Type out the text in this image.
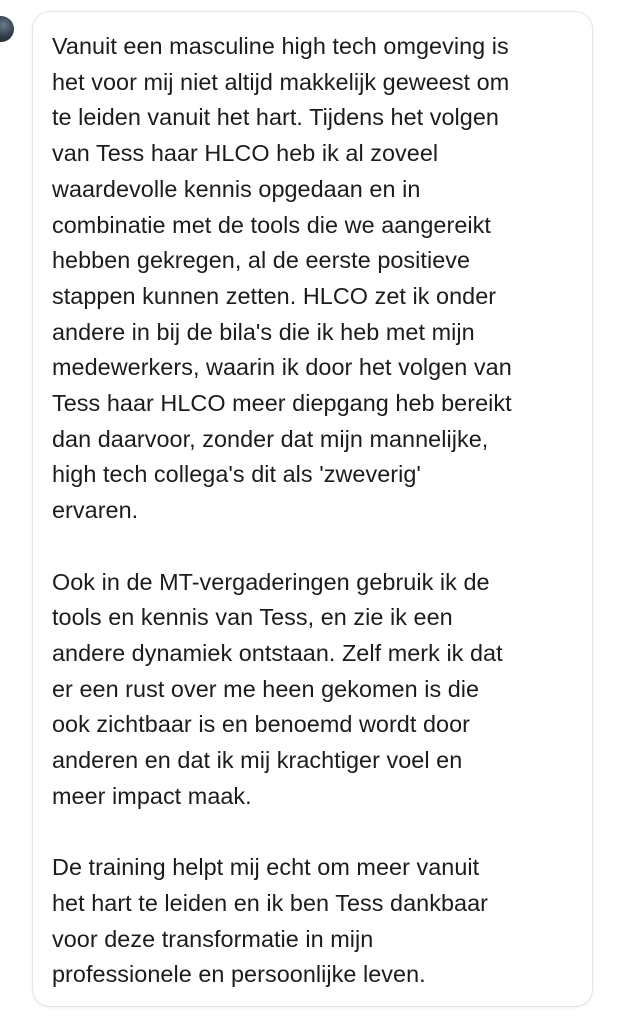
Vanuit een masculine high tech omgeving is
het voor mij niet altijd makkelijk geweest om
te leiden vanuit het hart. Tijdens het volgen
van Tess haar HLCO heb ik al zoveel
waardevolle kennis opgedaan en in
combinatie met de tools die we aangereikt
hebben gekregen, al de eerste positieve
stappen kunnen zetten. HLCO zet ik onder
andere in bij de bila's die ik heb met mijn
medewerkers, waarin ik door het volgen van
Tess haar HLCO meer diepgang heb bereikt
dan daarvoor, zonder dat mijn mannelijke,
high tech collega's dit als 'zweverig'
ervaren.

Ook in de MT-vergaderingen gebruik ik de
tools en kennis van Tess, en zie ik een
andere dynamiek ontstaan. Zelf merk ik dat
er een rust over me heen gekomen is die
ook zichtbaar is en benoemd wordt door
anderen en dat ik mij krachtiger voel en
meer impact maak.

De training helpt mij echt om meer vanuit
het hart te leiden en ik ben Tess dankbaar
voor deze transformatie in mijn
professionele en persoonlijke leven.
